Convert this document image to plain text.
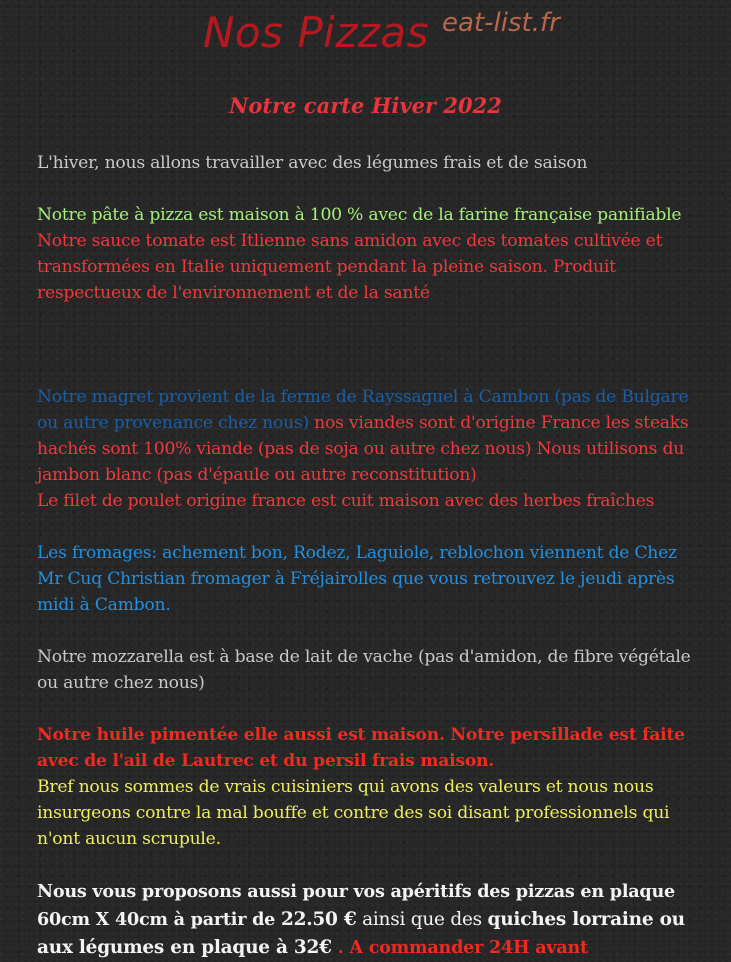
Nos Pizzas eat-list.fr
Notre carte Hiver 2022

L'hiver, nous allons travailler avec des légumes frais et de saison

Notre pâte à pizza est maison à 100 % avec de la farine française panifiable
Notre sauce tomate est Itlienne sans amidon avec des tomates cultivée et transformées en Italie uniquement pendant la pleine saison. Produit respectueux de l'environnement et de la santé

Notre magret provient de la ferme de Rayssaguel à Cambon (pas de Bulgare ou autre provenance chez nous) nos viandes sont d'origine France les steaks hachés sont 100% viande (pas de soja ou autre chez nous) Nous utilisons du jambon blanc (pas d'épaule ou autre reconstitution)
Le filet de poulet origine france est cuit maison avec des herbes fraîches

Les fromages: achement bon, Rodez, Laguiole, reblochon viennent de Chez Mr Cuq Christian fromager à Fréjairolles que vous retrouvez le jeudi après midi à Cambon.

Notre mozzarella est à base de lait de vache (pas d'amidon, de fibre végétale ou autre chez nous)

Notre huile pimentée elle aussi est maison. Notre persillade est faite avec de l'ail de Lautrec et du persil frais maison.
Bref nous sommes de vrais cuisiniers qui avons des valeurs et nous nous insurgeons contre la mal bouffe et contre des soi disant professionnels qui n'ont aucun scrupule.

Nous vous proposons aussi pour vos apéritifs des pizzas en plaque 60cm X 40cm à partir de 22.50 € ainsi que des quiches lorraine ou aux légumes en plaque à 32€ . A commander 24H avant
